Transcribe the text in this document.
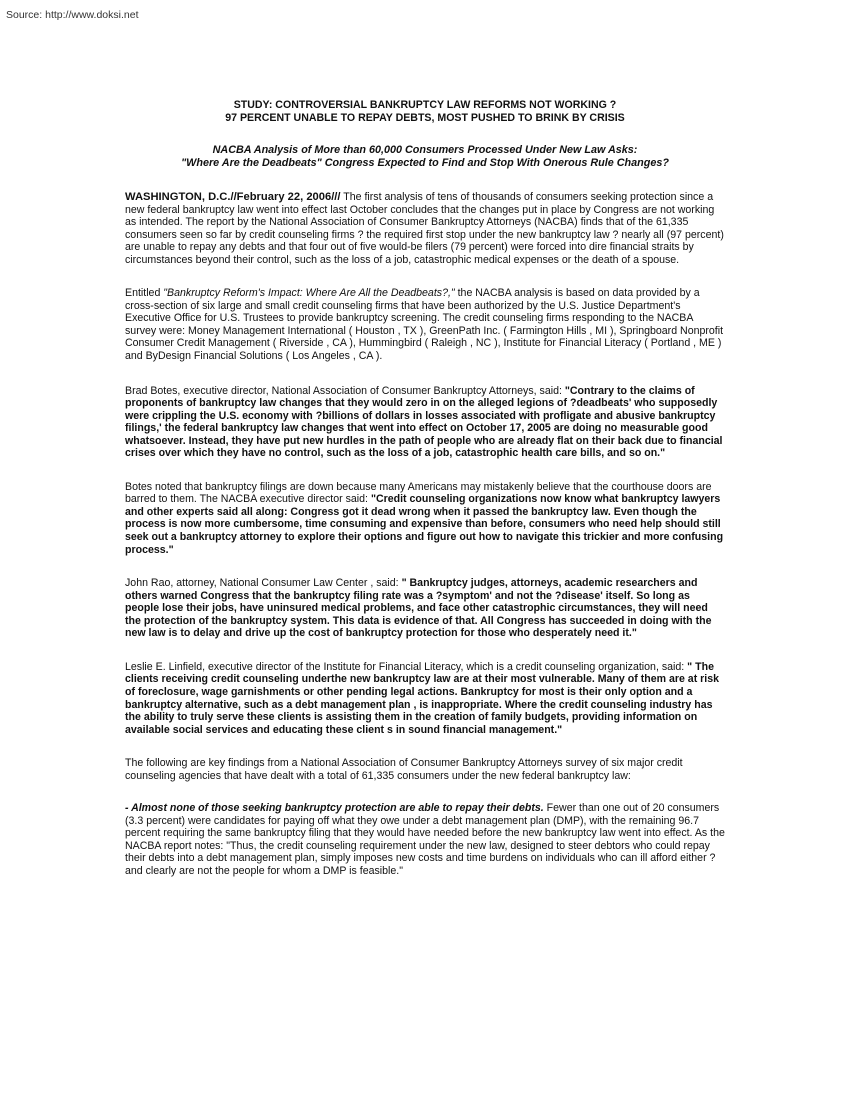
Source: http://www.doksi.net
STUDY: CONTROVERSIAL BANKRUPTCY LAW REFORMS NOT WORKING ?
97 PERCENT UNABLE TO REPAY DEBTS, MOST PUSHED TO BRINK BY CRISIS
NACBA Analysis of More than 60,000 Consumers Processed Under New Law Asks:
"Where Are the Deadbeats" Congress Expected to Find and Stop With Onerous Rule Changes?

WASHINGTON, D.C.//February 22, 2006/// The first analysis of tens of thousands of consumers seeking protection since a new federal bankruptcy law went into effect last October concludes that the changes put in place by Congress are not working as intended. The report by the National Association of Consumer Bankruptcy Attorneys (NACBA) finds that of the 61,335 consumers seen so far by credit counseling firms ? the required first stop under the new bankruptcy law ? nearly all (97 percent) are unable to repay any debts and that four out of five would-be filers (79 percent) were forced into dire financial straits by circumstances beyond their control, such as the loss of a job, catastrophic medical expenses or the death of a spouse.

Entitled "Bankruptcy Reform's Impact: Where Are All the Deadbeats?," the NACBA analysis is based on data provided by a cross-section of six large and small credit counseling firms that have been authorized by the U.S. Justice Department's Executive Office for U.S. Trustees to provide bankruptcy screening. The credit counseling firms responding to the NACBA survey were: Money Management International ( Houston , TX ), GreenPath Inc. ( Farmington Hills , MI ), Springboard Nonprofit Consumer Credit Management ( Riverside , CA ), Hummingbird ( Raleigh , NC ), Institute for Financial Literacy ( Portland , ME ) and ByDesign Financial Solutions ( Los Angeles , CA ).

Brad Botes, executive director, National Association of Consumer Bankruptcy Attorneys, said: "Contrary to the claims of proponents of bankruptcy law changes that they would zero in on the alleged legions of ?deadbeats' who supposedly were crippling the U.S. economy with ?billions of dollars in losses associated with profligate and abusive bankruptcy filings,' the federal bankruptcy law changes that went into effect on October 17, 2005 are doing no measurable good whatsoever. Instead, they have put new hurdles in the path of people who are already flat on their back due to financial crises over which they have no control, such as the loss of a job, catastrophic health care bills, and so on."

Botes noted that bankruptcy filings are down because many Americans may mistakenly believe that the courthouse doors are barred to them. The NACBA executive director said: "Credit counseling organizations now know what bankruptcy lawyers and other experts said all along: Congress got it dead wrong when it passed the bankruptcy law. Even though the process is now more cumbersome, time consuming and expensive than before, consumers who need help should still seek out a bankruptcy attorney to explore their options and figure out how to navigate this trickier and more confusing process."

John Rao, attorney, National Consumer Law Center , said: " Bankruptcy judges, attorneys, academic researchers and others warned Congress that the bankruptcy filing rate was a ?symptom' and not the ?disease' itself. So long as people lose their jobs, have uninsured medical problems, and face other catastrophic circumstances, they will need the protection of the bankruptcy system. This data is evidence of that. All Congress has succeeded in doing with the new law is to delay and drive up the cost of bankruptcy protection for those who desperately need it."

Leslie E. Linfield, executive director of the Institute for Financial Literacy, which is a credit counseling organization, said: " The clients receiving credit counseling underthe new bankruptcy law are at their most vulnerable. Many of them are at risk of foreclosure, wage garnishments or other pending legal actions. Bankruptcy for most is their only option and a bankruptcy alternative, such as a debt management plan , is inappropriate. Where the credit counseling industry has the ability to truly serve these clients is assisting them in the creation of family budgets, providing information on available social services and educating these client s in sound financial management."

The following are key findings from a National Association of Consumer Bankruptcy Attorneys survey of six major credit counseling agencies that have dealt with a total of 61,335 consumers under the new federal bankruptcy law:

- Almost none of those seeking bankruptcy protection are able to repay their debts. Fewer than one out of 20 consumers (3.3 percent) were candidates for paying off what they owe under a debt management plan (DMP), with the remaining 96.7 percent requiring the same bankruptcy filing that they would have needed before the new bankruptcy law went into effect. As the NACBA report notes: "Thus, the credit counseling requirement under the new law, designed to steer debtors who could repay their debts into a debt management plan, simply imposes new costs and time burdens on individuals who can ill afford either ? and clearly are not the people for whom a DMP is feasible."
